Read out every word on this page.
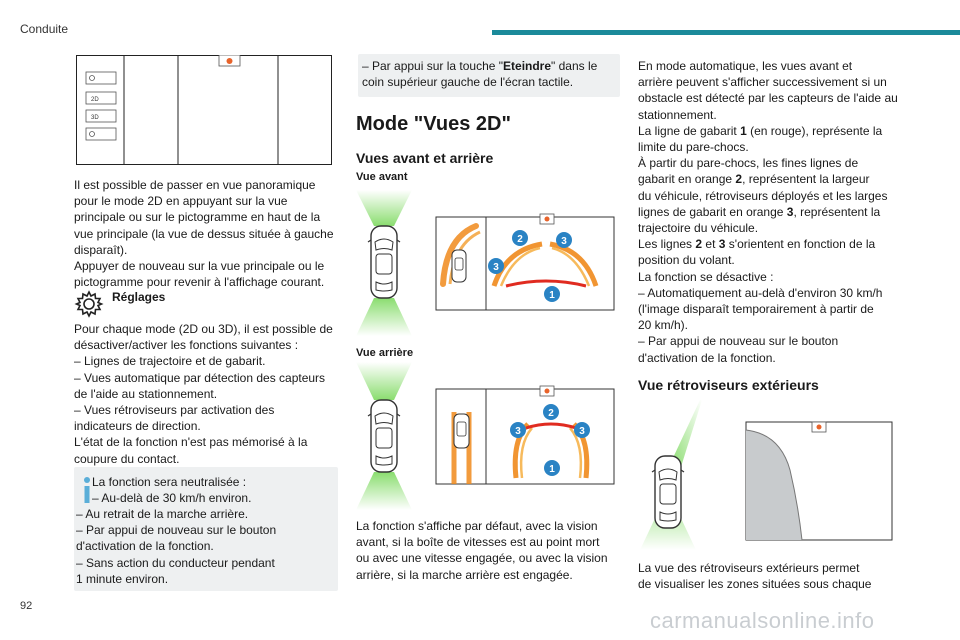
Conduite
2D
3D
Il est possible de passer en vue panoramique
pour le mode 2D en appuyant sur la vue
principale ou sur le pictogramme en haut de la
vue principale (la vue de dessus située à gauche
disparaît).
Appuyer de nouveau sur la vue principale ou le
pictogramme pour revenir à l'affichage courant.
Réglages
Pour chaque mode (2D ou 3D), il est possible de
désactiver/activer les fonctions suivantes :
– Lignes de trajectoire et de gabarit.
– Vues automatique par détection des capteurs
de l'aide au stationnement.
– Vues rétroviseurs par activation des
indicateurs de direction.
L'état de la fonction n'est pas mémorisé à la
coupure du contact.
La fonction sera neutralisée :
– Au-delà de 30 km/h environ.
– Au retrait de la marche arrière.
– Par appui de nouveau sur le bouton
d'activation de la fonction.
– Sans action du conducteur pendant
1 minute environ.
– Par appui sur la touche "Eteindre" dans le
coin supérieur gauche de l'écran tactile.
Mode "Vues 2D"
Vues avant et arrière
Vue avant
1
2	3
3
Vue arrière
2
3	3
1
La fonction s'affiche par défaut, avec la vision
avant, si la boîte de vitesses est au point mort
ou avec une vitesse engagée, ou avec la vision
arrière, si la marche arrière est engagée.
En mode automatique, les vues avant et
arrière peuvent s'afficher successivement si un
obstacle est détecté par les capteurs de l'aide au
stationnement.
La ligne de gabarit 1 (en rouge), représente la
limite du pare-chocs.
À partir du pare-chocs, les fines lignes de
gabarit en orange 2, représentent la largeur
du véhicule, rétroviseurs déployés et les larges
lignes de gabarit en orange 3, représentent la
trajectoire du véhicule.
Les lignes 2 et 3 s'orientent en fonction de la
position du volant.
La fonction se désactive :
– Automatiquement au-delà d'environ 30 km/h
(l'image disparaît temporairement à partir de
20 km/h).
– Par appui de nouveau sur le bouton
d'activation de la fonction.
Vue rétroviseurs extérieurs
La vue des rétroviseurs extérieurs permet
de visualiser les zones situées sous chaque
92
carmanualsonline.info
